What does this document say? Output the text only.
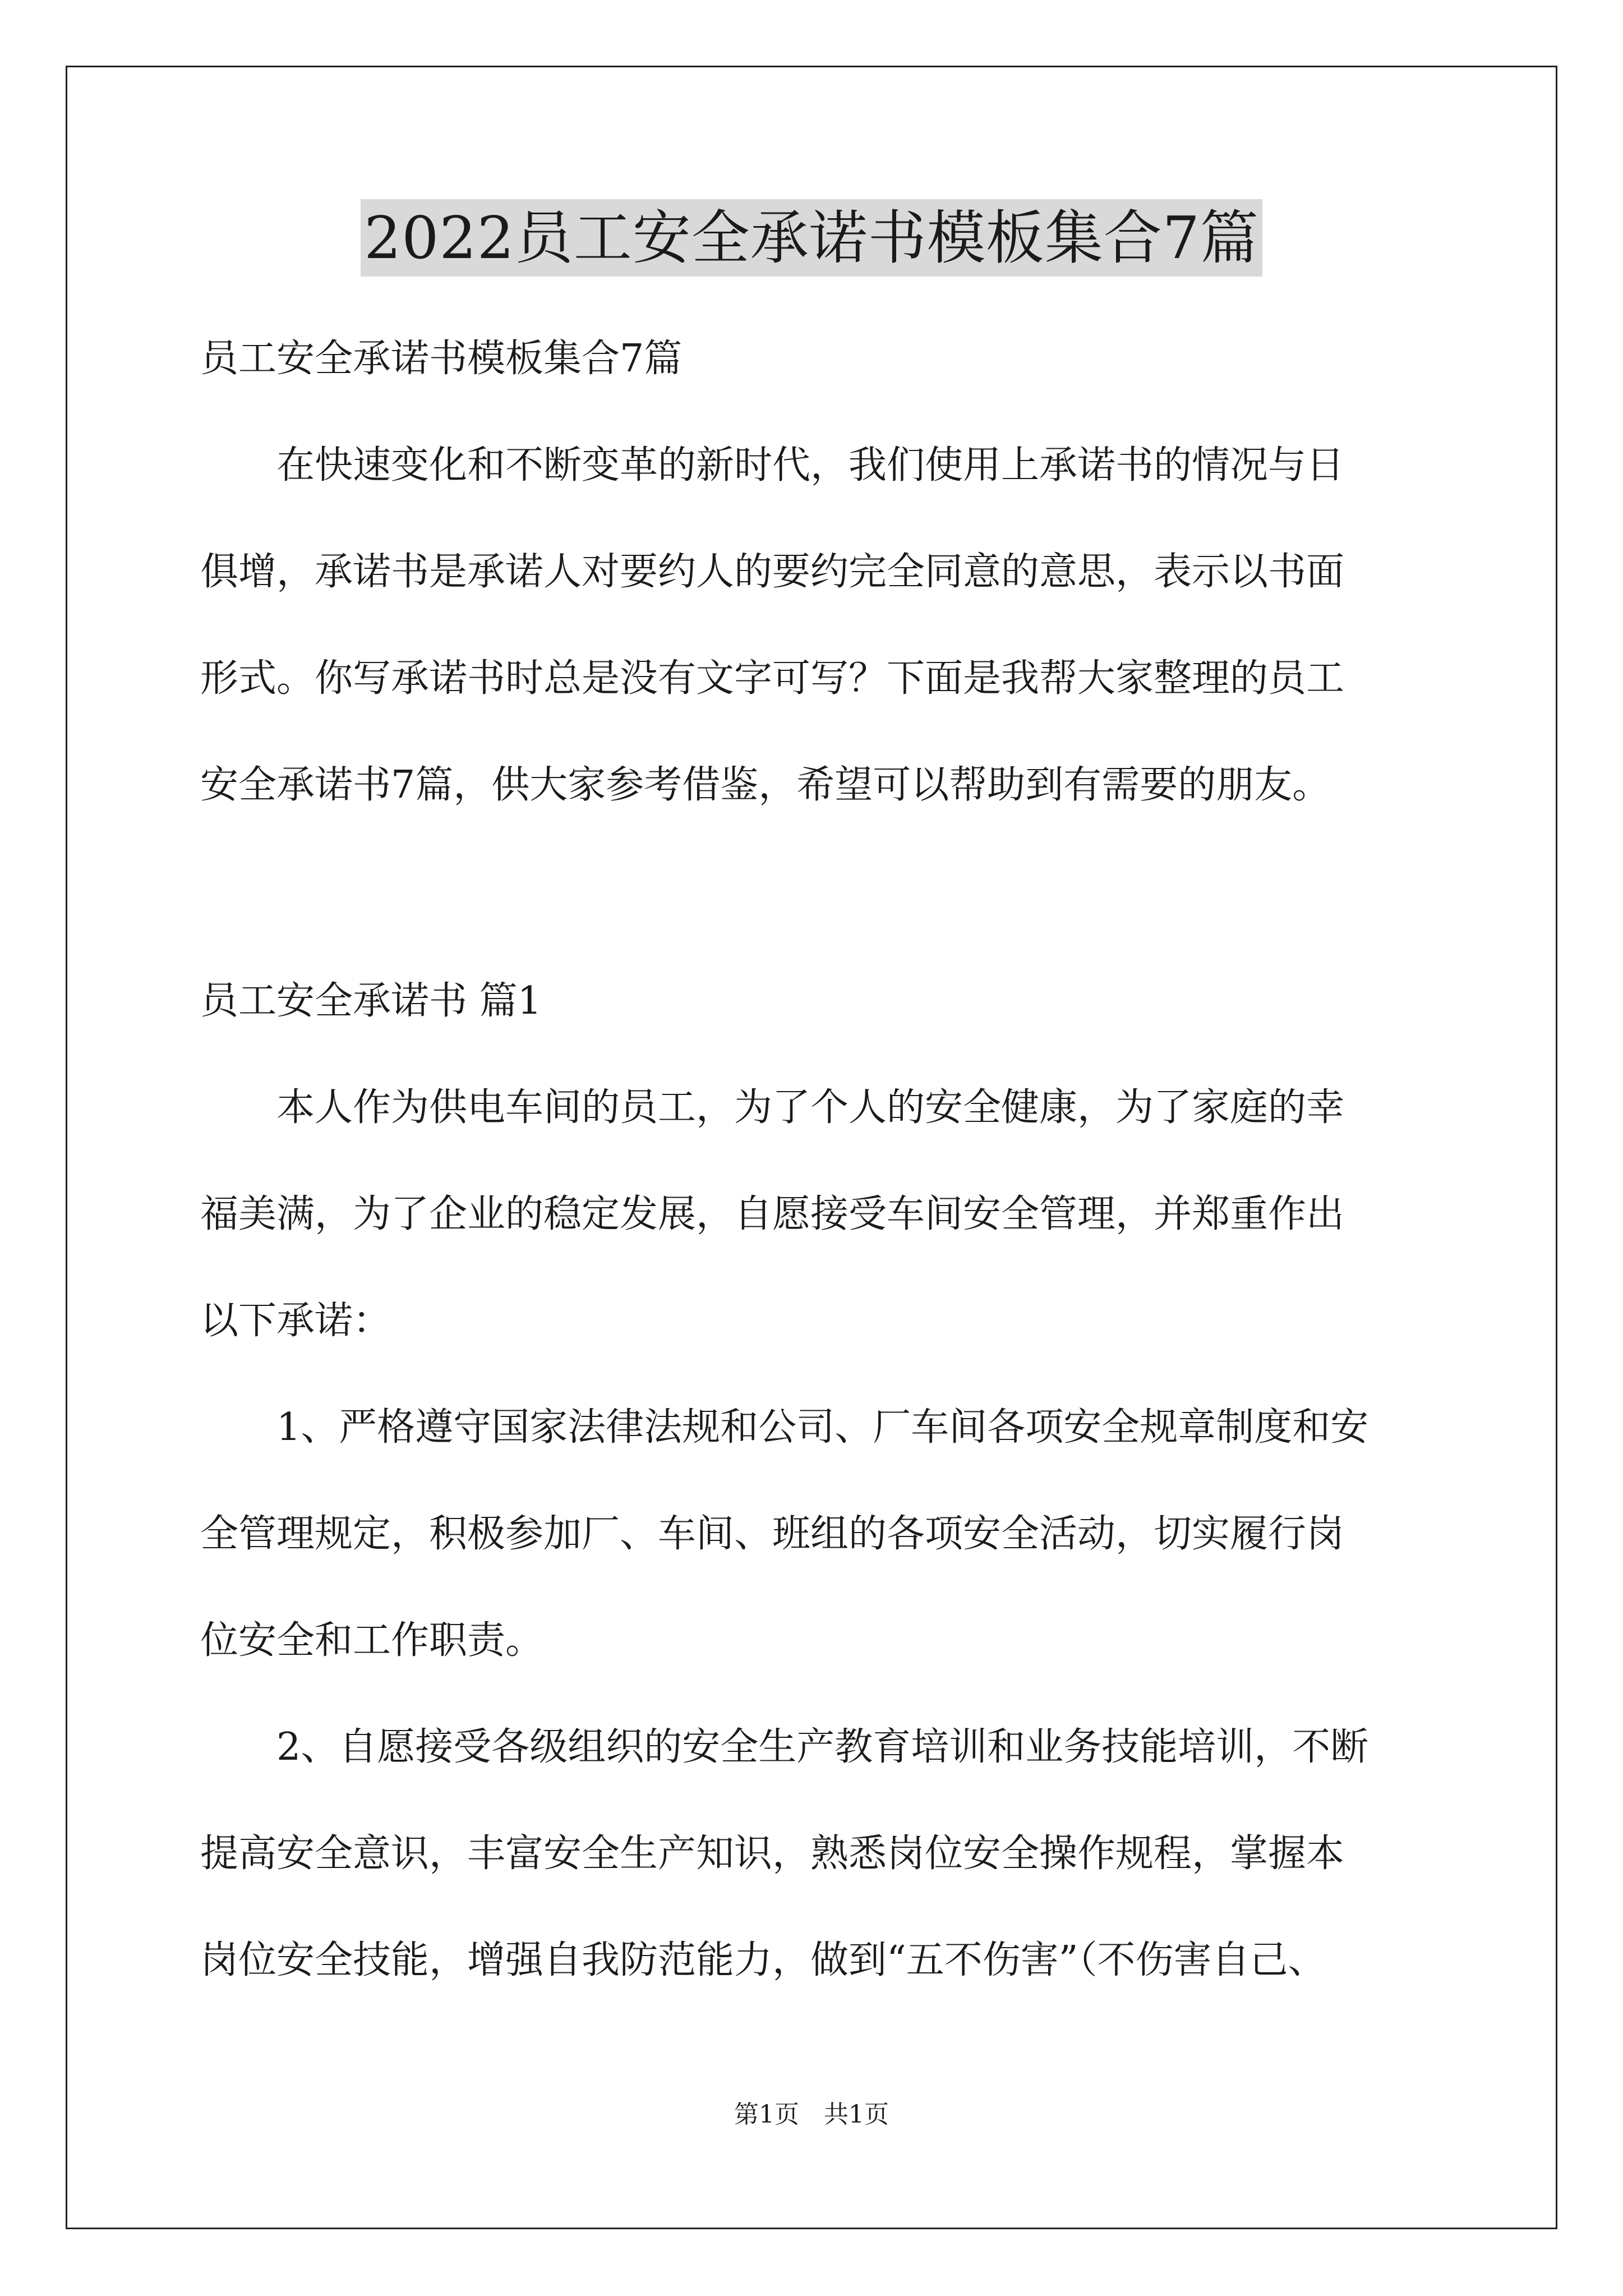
2022员工安全承诺书模板集合7篇
员工安全承诺书模板集合7篇
在快速变化和不断变革的新时代，我们使用上承诺书的情况与日
俱增，承诺书是承诺人对要约人的要约完全同意的意思，表示以书面
形式。你写承诺书时总是没有文字可写？下面是我帮大家整理的员工
安全承诺书7篇，供大家参考借鉴，希望可以帮助到有需要的朋友。
员工安全承诺书 篇1
本人作为供电车间的员工，为了个人的安全健康，为了家庭的幸
福美满，为了企业的稳定发展，自愿接受车间安全管理，并郑重作出
以下承诺：
1、严格遵守国家法律法规和公司、厂车间各项安全规章制度和安
全管理规定，积极参加厂、车间、班组的各项安全活动，切实履行岗
位安全和工作职责。
2、自愿接受各级组织的安全生产教育培训和业务技能培训，不断
提高安全意识，丰富安全生产知识，熟悉岗位安全操作规程，掌握本
岗位安全技能，增强自我防范能力，做到“五不伤害”（不伤害自己、
第1页　共1页
